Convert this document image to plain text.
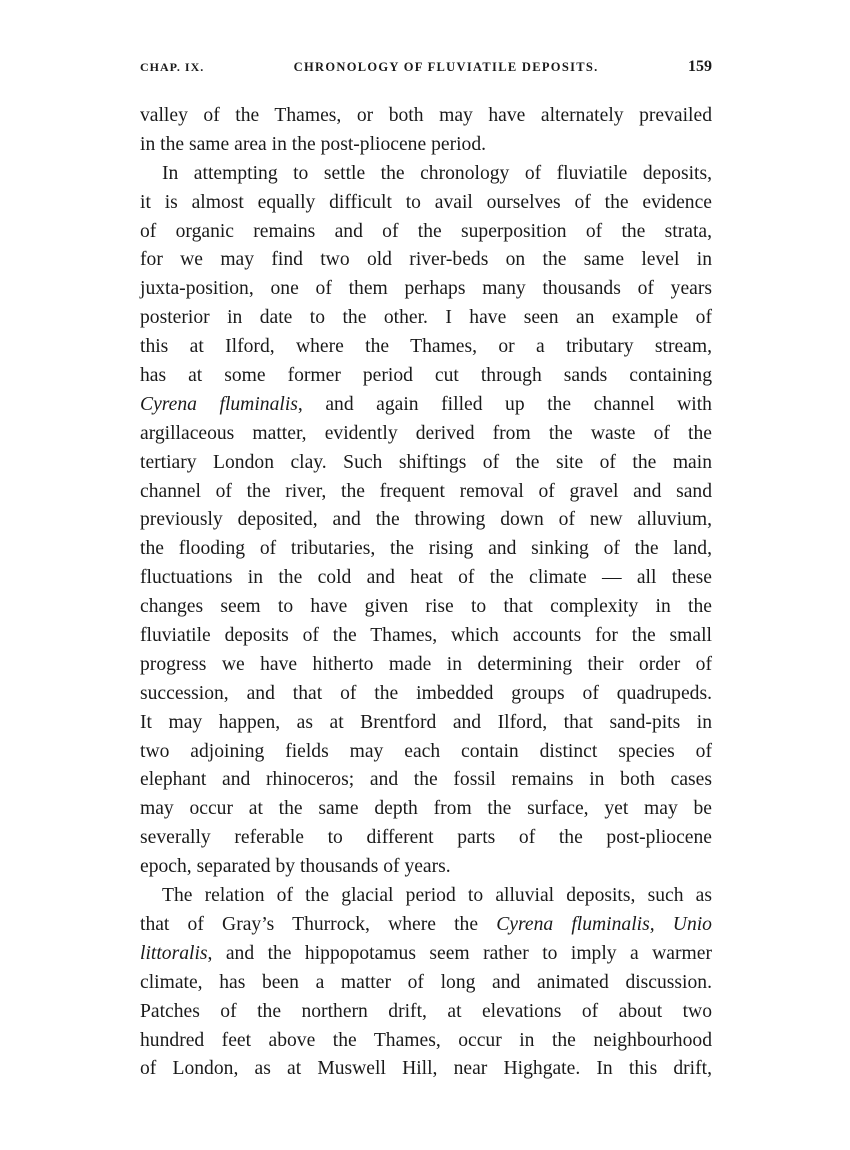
CHAP. IX.	CHRONOLOGY OF FLUVIATILE DEPOSITS.	159
valley of the Thames, or both may have alternately prevailed
in the same area in the post-pliocene period.
In attempting to settle the chronology of fluviatile deposits,
it is almost equally difficult to avail ourselves of the evidence
of organic remains and of the superposition of the strata,
for we may find two old river-beds on the same level in
juxta-position, one of them perhaps many thousands of years
posterior in date to the other. I have seen an example of
this at Ilford, where the Thames, or a tributary stream,
has at some former period cut through sands containing
Cyrena fluminalis, and again filled up the channel with
argillaceous matter, evidently derived from the waste of the
tertiary London clay. Such shiftings of the site of the main
channel of the river, the frequent removal of gravel and sand
previously deposited, and the throwing down of new alluvium,
the flooding of tributaries, the rising and sinking of the land,
fluctuations in the cold and heat of the climate — all these
changes seem to have given rise to that complexity in the
fluviatile deposits of the Thames, which accounts for the small
progress we have hitherto made in determining their order of
succession, and that of the imbedded groups of quadrupeds.
It may happen, as at Brentford and Ilford, that sand-pits in
two adjoining fields may each contain distinct species of
elephant and rhinoceros; and the fossil remains in both cases
may occur at the same depth from the surface, yet may be
severally referable to different parts of the post-pliocene
epoch, separated by thousands of years.
The relation of the glacial period to alluvial deposits, such as
that of Gray’s Thurrock, where the Cyrena fluminalis, Unio
littoralis, and the hippopotamus seem rather to imply a warmer
climate, has been a matter of long and animated discussion.
Patches of the northern drift, at elevations of about two
hundred feet above the Thames, occur in the neighbourhood
of London, as at Muswell Hill, near Highgate. In this drift,
